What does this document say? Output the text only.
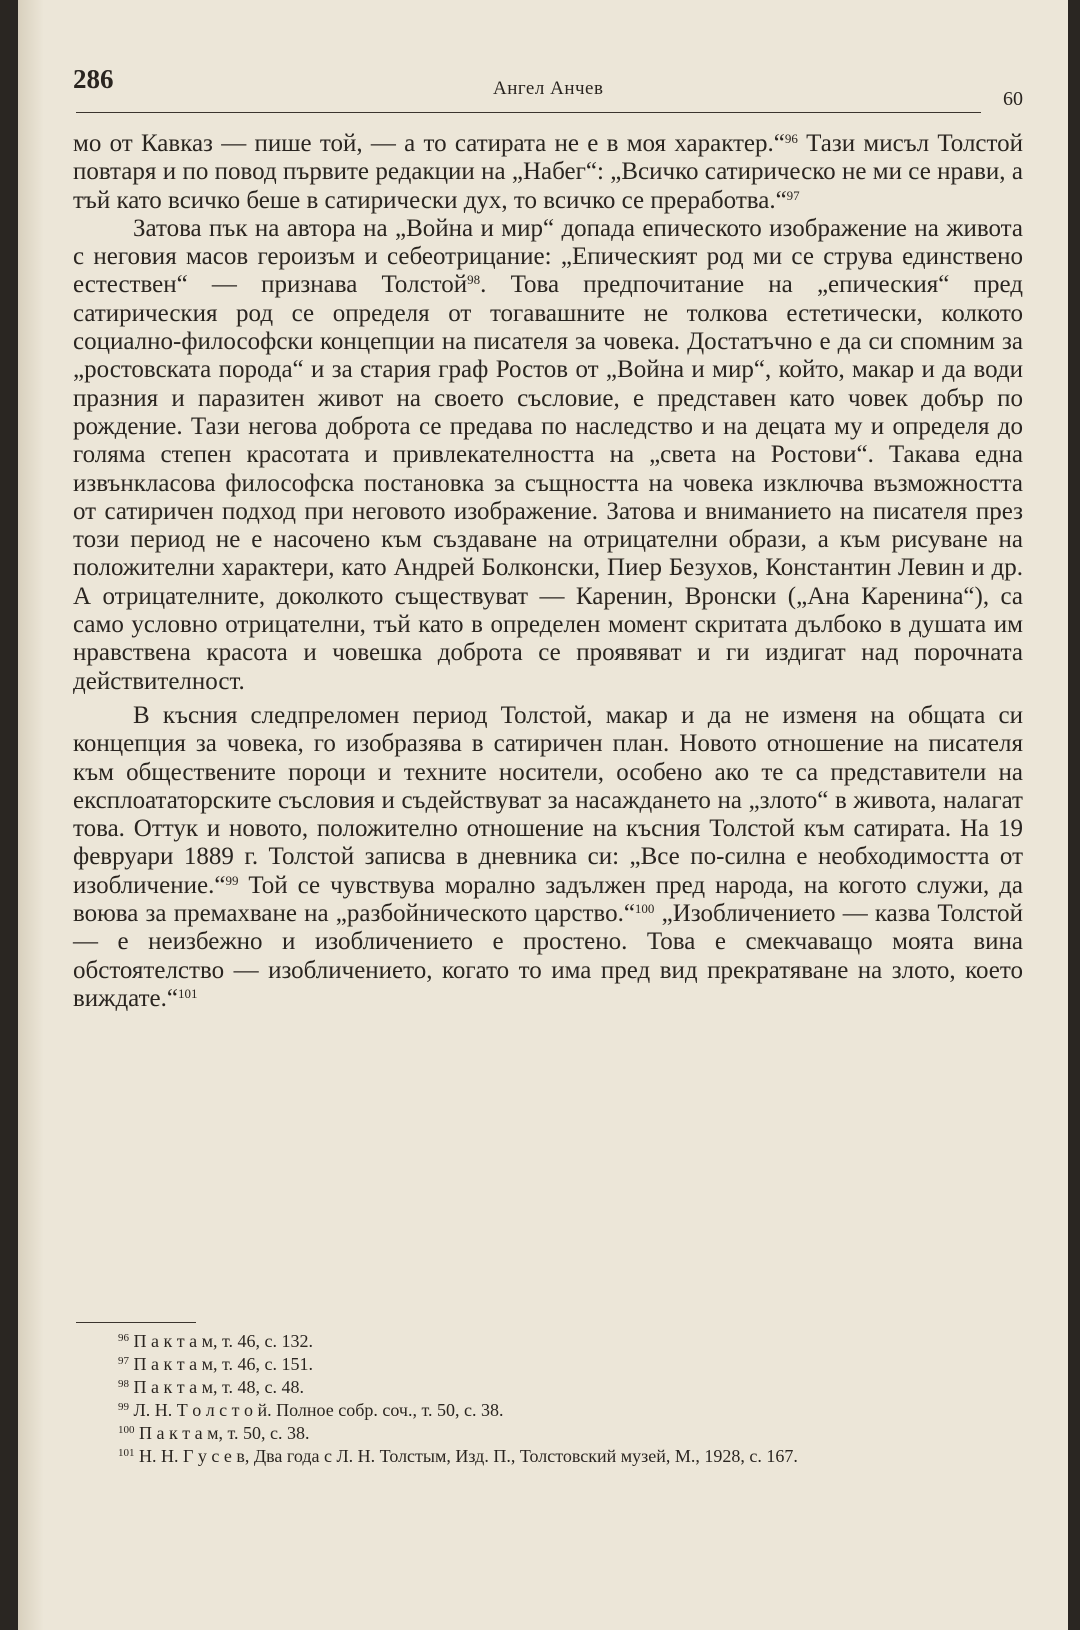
286	Ангел Анчев	60

мо от Кавказ — пише той, — а то сатирата не е в моя характер.“$^{96}$ Тази мисъл Толстой повтаря и по повод първите редакции на „Набег“: „Всичко сатирическо не ми се нрави, а тъй като всичко беше в сатирически дух, то всичко се преработва.“$^{97}$

Затова пък на автора на „Война и мир“ допада епическото изображение на живота с неговия масов героизъм и себеотрицание: „Епическият род ми се струва единствено естествен“ — признава Толстой$^{98}$. Това предпочитание на „епическия“ пред сатирическия род се определя от тогавашните не толкова естетически, колкото социално-философски концепции на писателя за човека. Достатъчно е да си спомним за „ростовската порода“ и за стария граф Ростов от „Война и мир“, който, макар и да води празния и паразитен живот на своето съсловие, е представен като човек добър по рождение. Тази негова доброта се предава по наследство и на децата му и определя до голяма степен красотата и привлекателността на „света на Ростови“. Такава една извънкласова философска постановка за същността на човека изключва възможността от сатиричен подход при неговото изображение. Затова и вниманието на писателя през този период не е насочено към създаване на отрицателни образи, а към рисуване на положителни характери, като Андрей Болконски, Пиер Безухов, Константин Левин и др. А отрицателните, доколкото съществуват — Каренин, Вронски („Ана Каренина“), са само условно отрицателни, тъй като в определен момент скритата дълбоко в душата им нравствена красота и човешка доброта се проявяват и ги издигат над порочната действителност.

В късния следпреломен период Толстой, макар и да не изменя на общата си концепция за човека, го изобразява в сатиричен план. Новото отношение на писателя към обществените пороци и техните носители, особено ако те са представители на експлоататорските съсловия и съдействуват за насаждането на „злото“ в живота, налагат това. Оттук и новото, положително отношение на късния Толстой към сатирата. На 19 февруари 1889 г. Толстой записва в дневника си: „Все по-силна е необходимостта от изобличение.“$^{99}$ Той се чувствува морално задължен пред народа, на когото служи, да воюва за премахване на „разбойническото царство.“$^{100}$ „Изобличението — казва Толстой — е неизбежно и изобличението е простено. Това е смекчаващо моята вина обстоятелство — изобличението, когато то има пред вид прекратяване на злото, което виждате.“$^{101}$

$^{96}$ П а к т а м, т. 46, с. 132.
$^{97}$ П а к т а м, т. 46, с. 151.
$^{98}$ П а к т а м, т. 48, с. 48.
$^{99}$ Л. Н. Т о л с т о й. Полное собр. соч., т. 50, с. 38.
$^{100}$ П а к т а м, т. 50, с. 38.
$^{101}$ Н. Н. Г у с е в, Два года с Л. Н. Толстым, Изд. П., Толстовский музей, М., 1928, с. 167.
